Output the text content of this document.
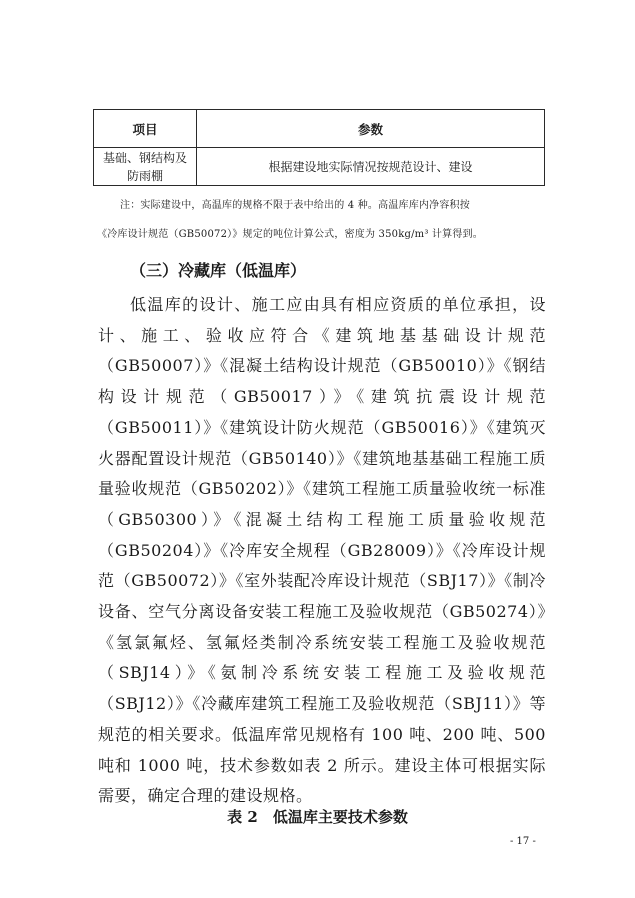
项目	参数

基础、钢结构及
防雨棚	根据建设地实际情况按规范设计、建设
注：实际建设中，高温库的规格不限于表中给出的 4 种。高温库库内净容积按
《冷库设计规范（GB50072）》规定的吨位计算公式，密度为 350kg/m³ 计算得到。
（三）冷藏库（低温库）
低温库的设计、施工应由具有相应资质的单位承担，设计、施工、验收应符合《建筑地基基础设计规范（GB50007）》《混凝土结构设计规范（GB50010）》《钢结构设计规范（GB50017）》《建筑抗震设计规范（GB50011）》《建筑设计防火规范（GB50016）》《建筑灭火器配置设计规范（GB50140）》《建筑地基基础工程施工质量验收规范（GB50202）》《建筑工程施工质量验收统一标准（GB50300）》《混凝土结构工程施工质量验收规范（GB50204）》《冷库安全规程（GB28009）》《冷库设计规范（GB50072）》《室外装配冷库设计规范（SBJ17）》《制冷设备、空气分离设备安装工程施工及验收规范（GB50274）》《氢氯氟烃、氢氟烃类制冷系统安装工程施工及验收规范（SBJ14）》《氨制冷系统安装工程施工及验收规范（SBJ12）》《冷藏库建筑工程施工及验收规范（SBJ11）》等规范的相关要求。低温库常见规格有 100 吨、200 吨、500 吨和 1000 吨，技术参数如表 2 所示。建设主体可根据实际需要，确定合理的建设规格。
表 2　低温库主要技术参数
- 17 -
